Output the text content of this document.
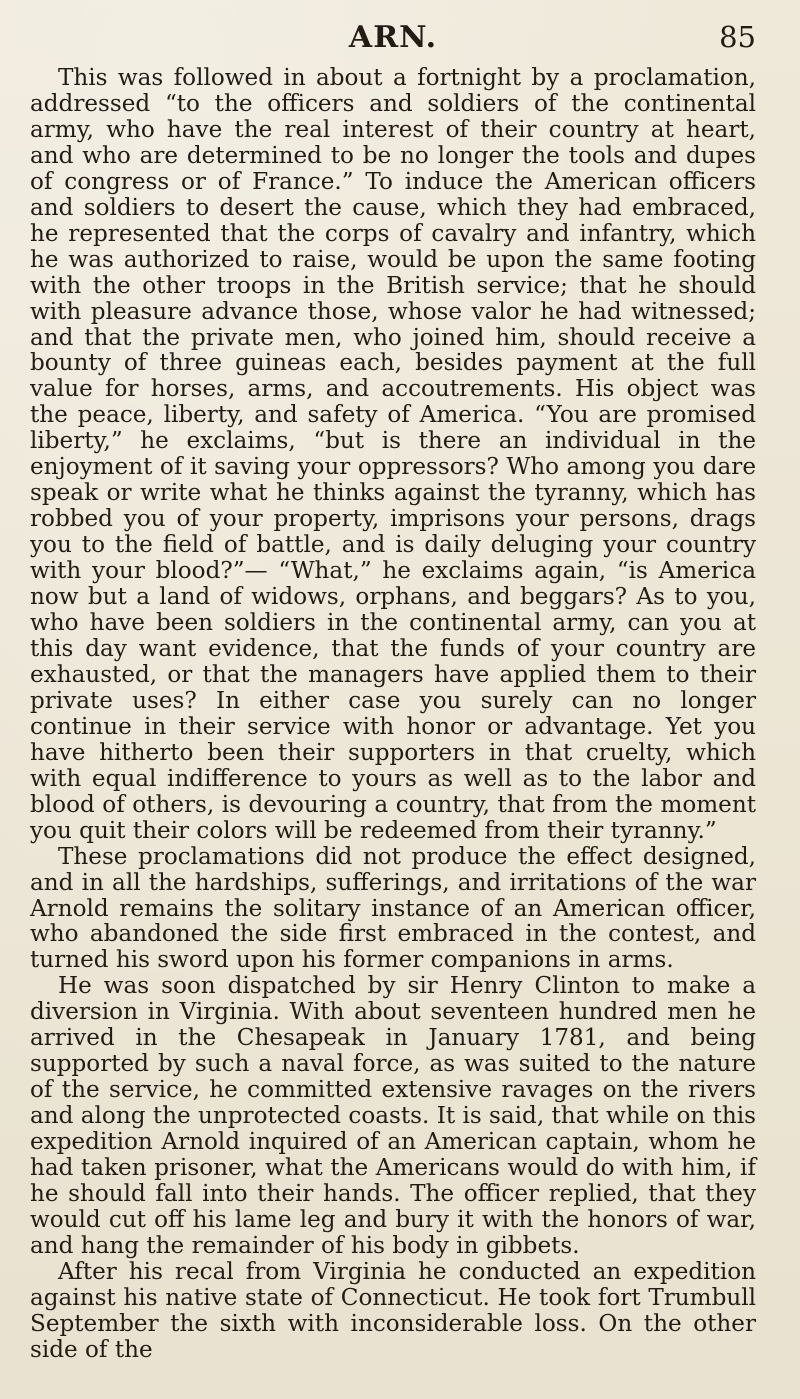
ARN.	85

This was followed in about a fortnight by a proclamation, addressed “to the officers and soldiers of the continental army, who have the real interest of their country at heart, and who are determined to be no longer the tools and dupes of congress or of France.” To induce the American officers and soldiers to desert the cause, which they had embraced, he represented that the corps of cavalry and infantry, which he was authorized to raise, would be upon the same footing with the other troops in the British service; that he should with pleasure advance those, whose valor he had witnessed; and that the private men, who joined him, should receive a bounty of three guineas each, besides payment at the full value for horses, arms, and accoutrements. His object was the peace, liberty, and safety of America. “You are promised liberty,” he exclaims, “but is there an individual in the enjoyment of it saving your oppressors? Who among you dare speak or write what he thinks against the tyranny, which has robbed you of your property, imprisons your persons, drags you to the field of battle, and is daily deluging your country with your blood?”— “What,” he exclaims again, “is America now but a land of widows, orphans, and beggars? As to you, who have been soldiers in the continental army, can you at this day want evidence, that the funds of your country are exhausted, or that the managers have applied them to their private uses? In either case you surely can no longer continue in their service with honor or advantage. Yet you have hitherto been their supporters in that cruelty, which with equal indifference to yours as well as to the labor and blood of others, is devouring a country, that from the moment you quit their colors will be redeemed from their tyranny.”

These proclamations did not produce the effect designed, and in all the hardships, sufferings, and irritations of the war Arnold remains the solitary instance of an American officer, who abandoned the side first embraced in the contest, and turned his sword upon his former companions in arms.

He was soon dispatched by sir Henry Clinton to make a diversion in Virginia. With about seventeen hundred men he arrived in the Chesapeak in January 1781, and being supported by such a naval force, as was suited to the nature of the service, he committed extensive ravages on the rivers and along the unprotected coasts. It is said, that while on this expedition Arnold inquired of an American captain, whom he had taken prisoner, what the Americans would do with him, if he should fall into their hands. The officer replied, that they would cut off his lame leg and bury it with the honors of war, and hang the remainder of his body in gibbets.

After his recal from Virginia he conducted an expedition against his native state of Connecticut. He took fort Trumbull September the sixth with inconsiderable loss. On the other side of the
